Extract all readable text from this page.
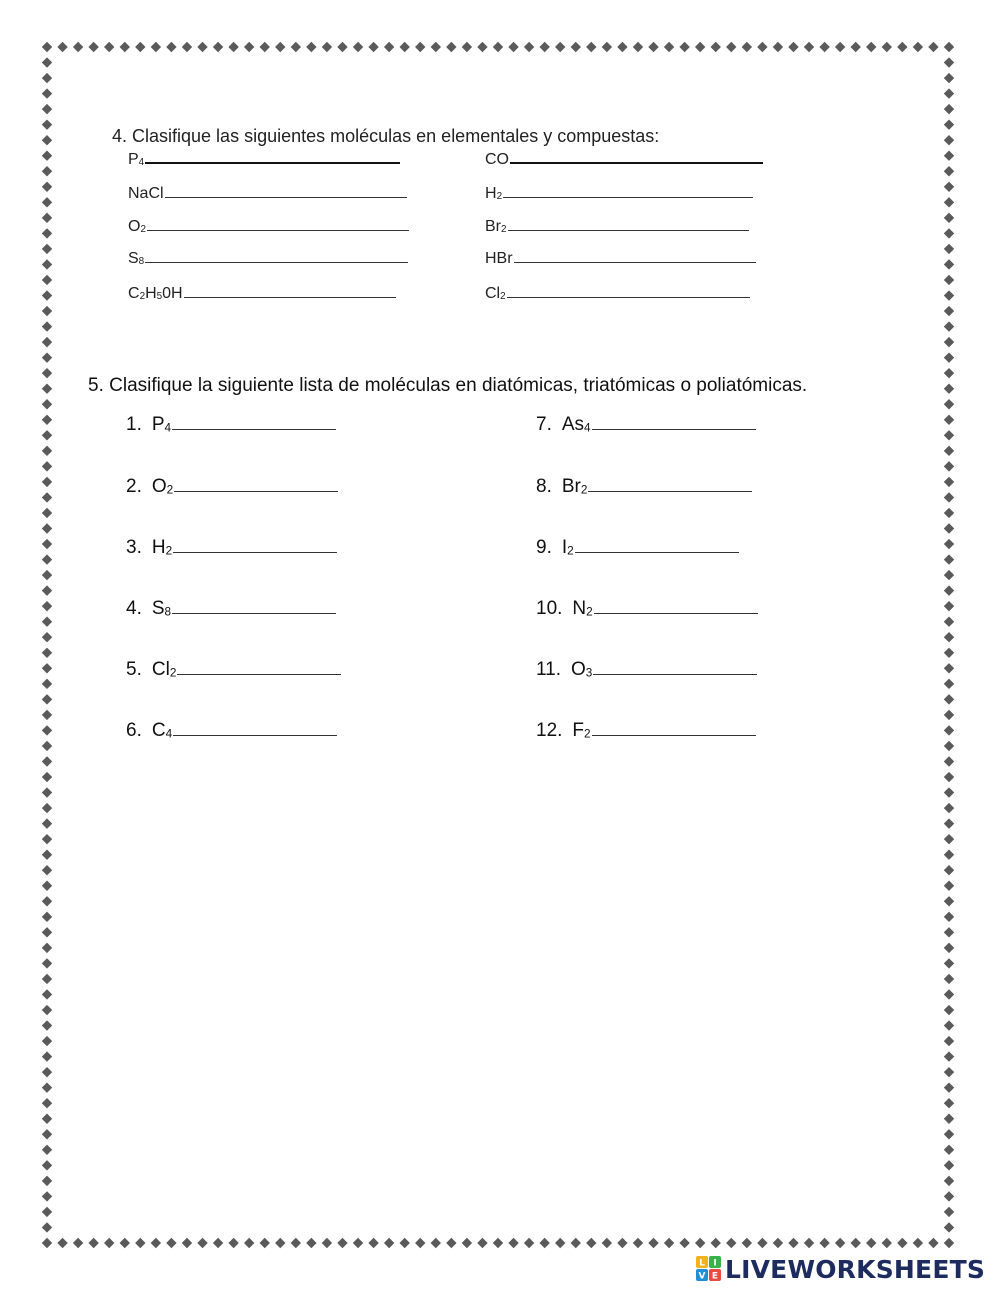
4. Clasifique las siguientes moléculas en elementales y compuestas:
$P_4$
NaCl
$O_2$
$S_8$
$C_2H_50H$
CO
$H_2$
$Br_2$
HBr
$Cl_2$
5. Clasifique la siguiente lista de moléculas en diatómicas, triatómicas o poliatómicas.
1. $P_4$
2. $O_2$
3. $H_2$
4. $S_8$
5. $Cl_2$
6. $C_4$
7. $As_4$
8. $Br_2$
9. $I_2$
10. $N_2$
11. $O_3$
12. $F_2$
L I
V E LIVEWORKSHEETS
